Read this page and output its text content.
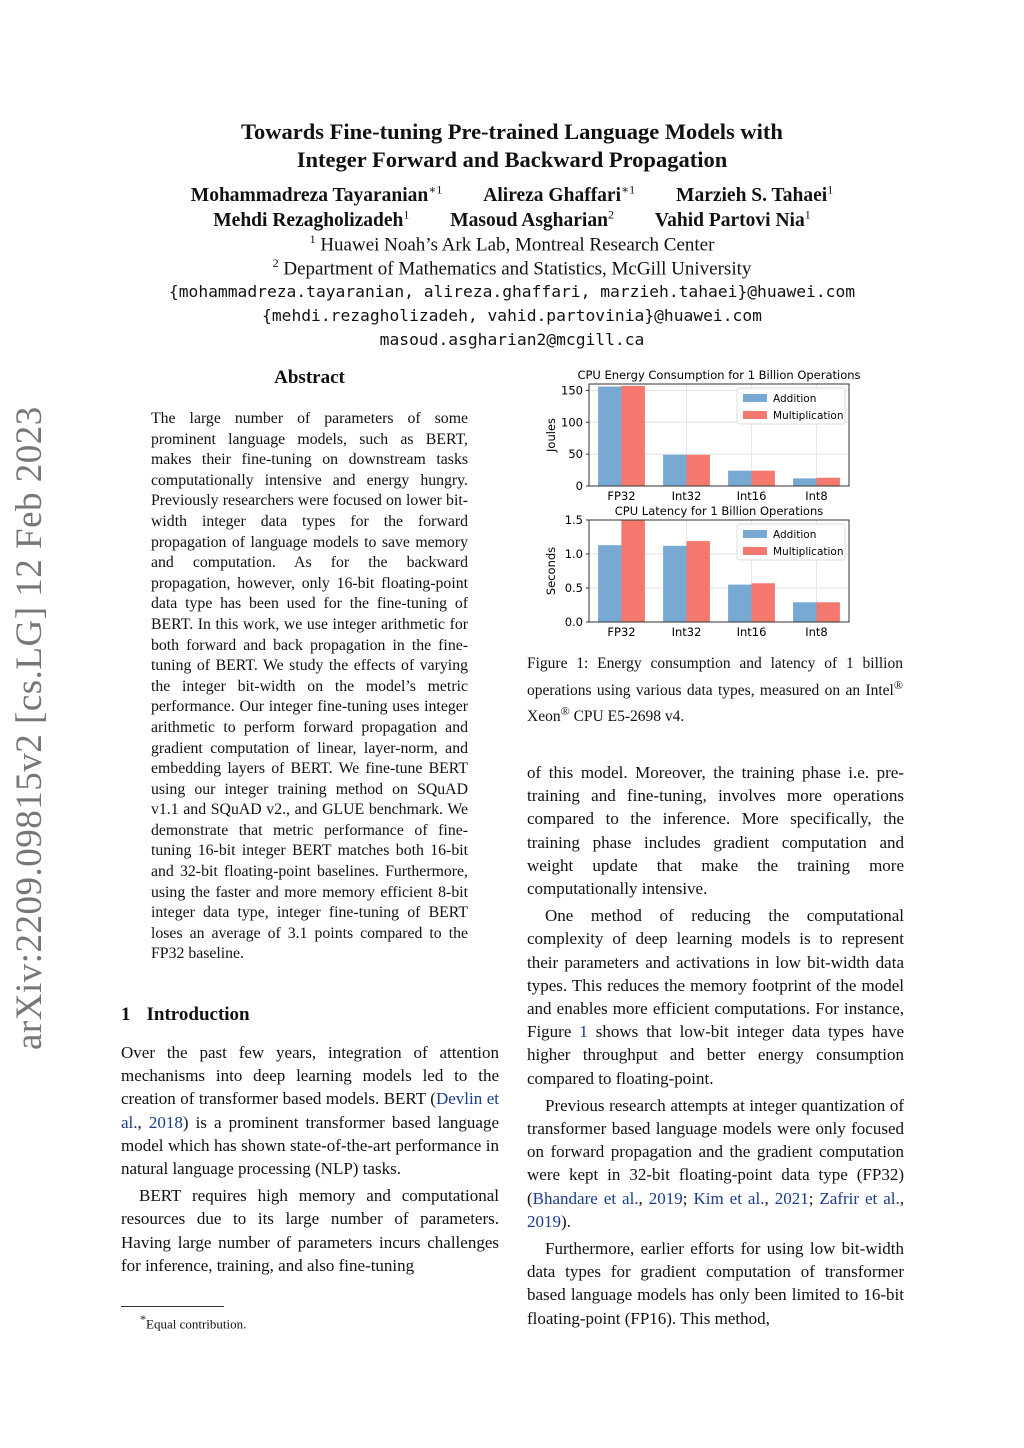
arXiv:2209.09815v2 [cs.LG] 12 Feb 2023
Towards Fine-tuning Pre-trained Language Models with
Integer Forward and Backward Propagation
Mohammadreza Tayaranian$^{∗1}$ Alireza Ghaffari$^{∗1}$ Marzieh S. Tahaei$^1$
Mehdi Rezagholizadeh$^1$ Masoud Asgharian$^2$ Vahid Partovi Nia$^1$
$^1$ Huawei Noah’s Ark Lab, Montreal Research Center
$^2$ Department of Mathematics and Statistics, McGill University
{mohammadreza.tayaranian, alireza.ghaffari, marzieh.tahaei}@huawei.com
{mehdi.rezagholizadeh, vahid.partovinia}@huawei.com
masoud.asgharian2@mcgill.ca
Abstract
The large number of parameters of some prominent language models, such as BERT, makes their fine-tuning on downstream tasks computationally intensive and energy hungry. Previously researchers were focused on lower bit-width integer data types for the forward propagation of language models to save memory and computation. As for the backward propagation, however, only 16-bit floating-point data type has been used for the fine-tuning of BERT. In this work, we use integer arithmetic for both forward and back propagation in the fine-tuning of BERT. We study the effects of varying the integer bit-width on the model’s metric performance. Our integer fine-tuning uses integer arithmetic to perform forward propagation and gradient computation of linear, layer-norm, and embedding layers of BERT. We fine-tune BERT using our integer training method on SQuAD v1.1 and SQuAD v2., and GLUE benchmark. We demonstrate that metric performance of fine-tuning 16-bit integer BERT matches both 16-bit and 32-bit floating-point baselines. Furthermore, using the faster and more memory efficient 8-bit integer data type, integer fine-tuning of BERT loses an average of 3.1 points compared to the FP32 baseline.
1 Introduction

Over the past few years, integration of attention mechanisms into deep learning models led to the creation of transformer based models. BERT (Devlin et al., 2018) is a prominent transformer based language model which has shown state-of-the-art performance in natural language processing (NLP) tasks.

BERT requires high memory and computational resources due to its large number of parameters. Having large number of parameters incurs challenges for inference, training, and also fine-tuning

*Equal contribution.
CPU Energy Consumption for 1 Billion Operations
0
50
100
150
FP32	Int32	Int16	Int8
Joules
Addition
Multiplication
CPU Latency for 1 Billion Operations
0.0
0.5
1.0
1.5
FP32	Int32	Int16	Int8
Seconds
Addition
Multiplication
Figure 1: Energy consumption and latency of 1 billion operations using various data types, measured on an Intel® Xeon® CPU E5-2698 v4.

of this model. Moreover, the training phase i.e. pre-training and fine-tuning, involves more operations compared to the inference. More specifically, the training phase includes gradient computation and weight update that make the training more computationally intensive.

One method of reducing the computational complexity of deep learning models is to represent their parameters and activations in low bit-width data types. This reduces the memory footprint of the model and enables more efficient computations. For instance, Figure 1 shows that low-bit integer data types have higher throughput and better energy consumption compared to floating-point.

Previous research attempts at integer quantization of transformer based language models were only focused on forward propagation and the gradient computation were kept in 32-bit floating-point data type (FP32) (Bhandare et al., 2019; Kim et al., 2021; Zafrir et al., 2019).

Furthermore, earlier efforts for using low bit-width data types for gradient computation of transformer based language models has only been limited to 16-bit floating-point (FP16). This method,
